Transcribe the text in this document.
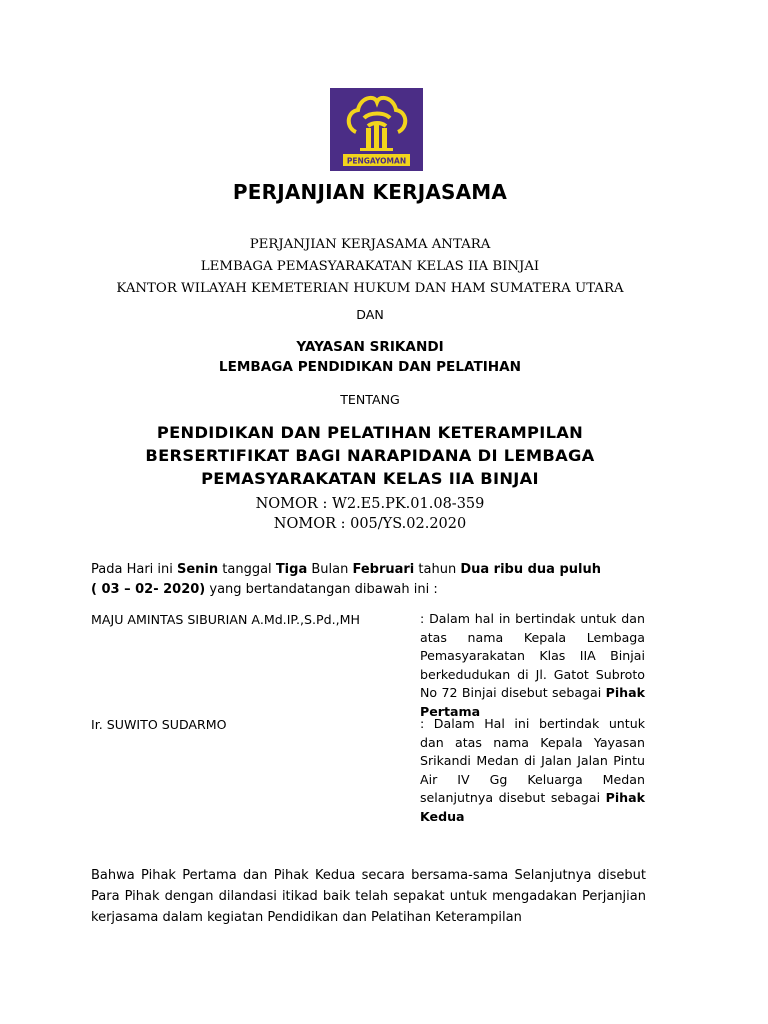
PENGAYOMAN
PERJANJIAN KERJASAMA
PERJANJIAN KERJASAMA ANTARA
LEMBAGA PEMASYARAKATAN KELAS IIA BINJAI
KANTOR WILAYAH KEMETERIAN HUKUM DAN HAM SUMATERA UTARA
DAN
YAYASAN SRIKANDI
LEMBAGA PENDIDIKAN DAN PELATIHAN
TENTANG
PENDIDIKAN DAN PELATIHAN KETERAMPILAN
BERSERTIFIKAT BAGI NARAPIDANA DI LEMBAGA
PEMASYARAKATAN KELAS IIA BINJAI
NOMOR : W2.E5.PK.01.08-359
NOMOR : 005/YS.02.2020
Pada Hari ini Senin tanggal Tiga Bulan Februari tahun Dua ribu dua puluh
( 03 – 02- 2020) yang bertandatangan dibawah ini :
MAJU AMINTAS SIBURIAN A.Md.IP.,S.Pd.,MH	: Dalam hal in bertindak untuk dan atas nama Kepala Lembaga Pemasyarakatan Klas IIA Binjai berkedudukan di Jl. Gatot Subroto No 72 Binjai disebut sebagai Pihak Pertama
Ir. SUWITO SUDARMO	: Dalam Hal ini bertindak untuk dan atas nama Kepala Yayasan Srikandi Medan di Jalan Jalan Pintu Air IV Gg Keluarga Medan selanjutnya disebut sebagai Pihak Kedua
Bahwa Pihak Pertama dan Pihak Kedua secara bersama-sama Selanjutnya disebut Para Pihak dengan dilandasi itikad baik telah sepakat untuk mengadakan Perjanjian kerjasama dalam kegiatan Pendidikan dan Pelatihan Keterampilan
